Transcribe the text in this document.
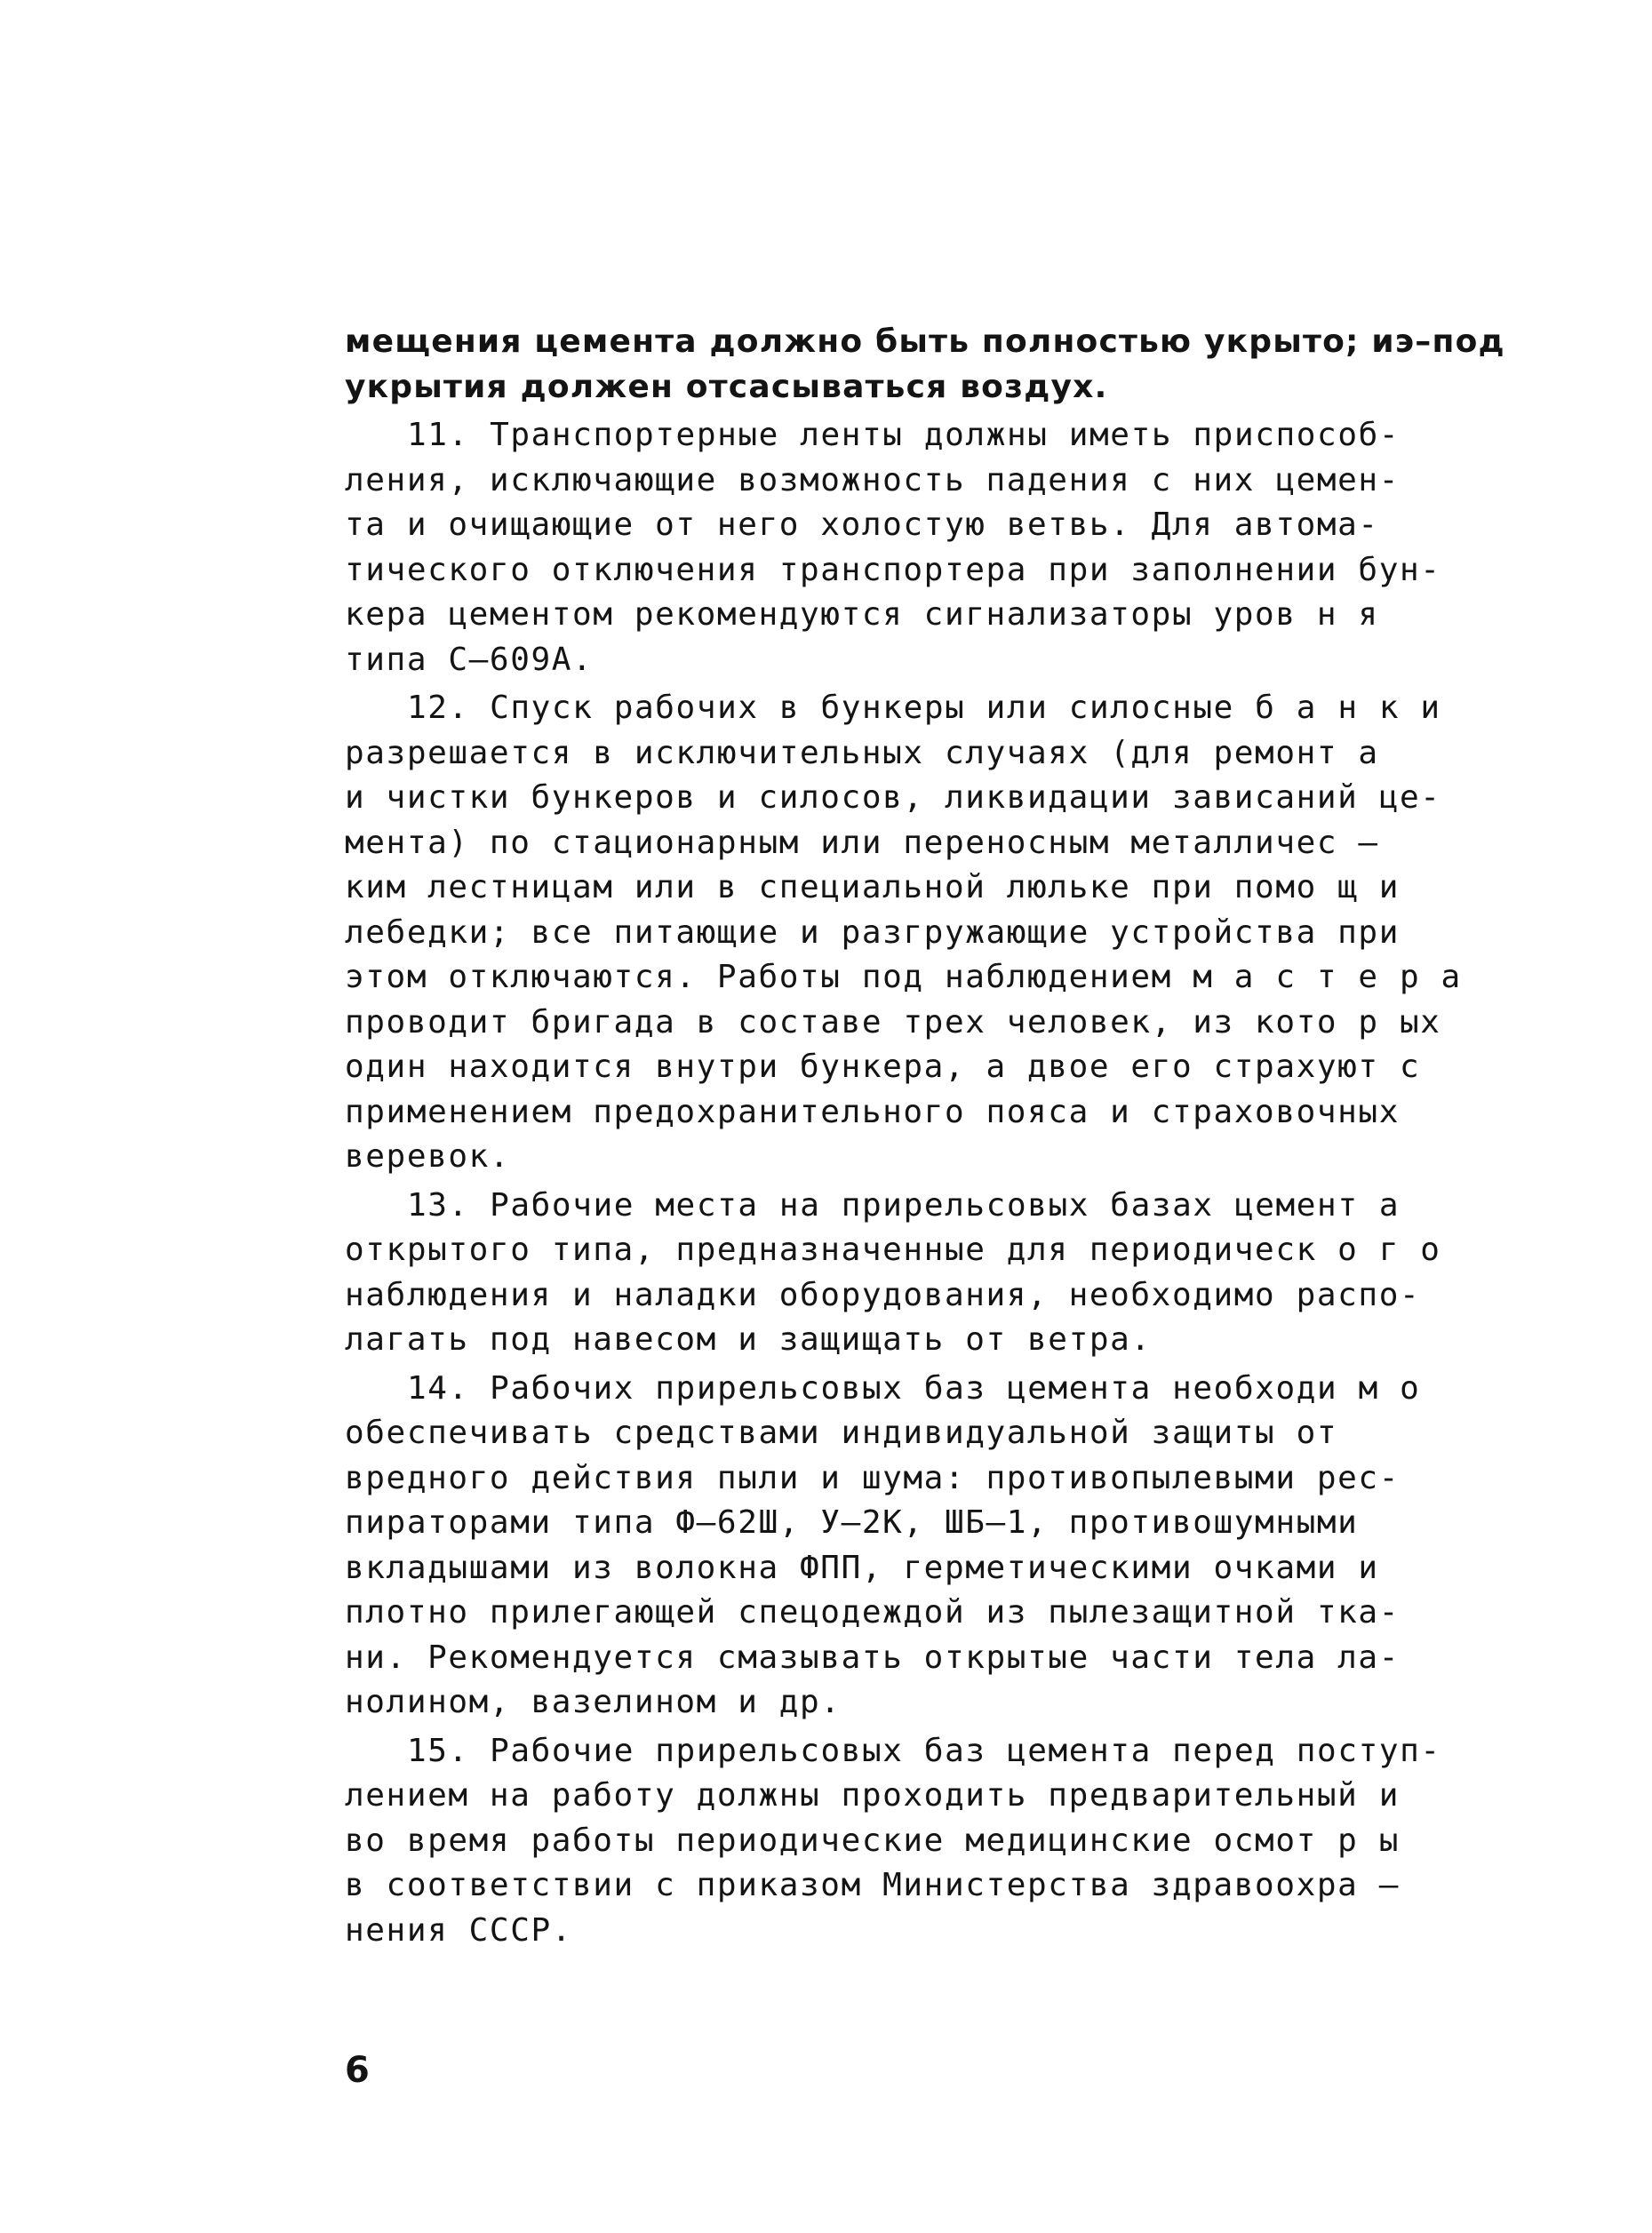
мещения цемента должно быть полностью укрыто; иэ–под
укрытия должен отсасываться воздух.
11. Транспортерные ленты должны иметь приспособ-
ления, исключающие возможность падения с них цемен-
та и очищающие от него холостую ветвь. Для автома-
тического отключения транспортера при заполнении бун-
кера цементом рекомендуются сигнализаторы уров н я
типа С–609А.
12. Спуск рабочих в бункеры или силосные б а н к и
разрешается в исключительных случаях (для ремонт а
и чистки бункеров и силосов, ликвидации зависаний це-
мента) по стационарным или переносным металличес –
ким лестницам или в специальной люльке при помо щ и
лебедки; все питающие и разгружающие устройства при
этом отключаются. Работы под наблюдением м а с т е р а
проводит бригада в составе трех человек, из кото р ых
один находится внутри бункера, а двое его страхуют с
применением предохранительного пояса и страховочных
веревок.
13. Рабочие места на прирельсовых базах цемент а
открытого типа, предназначенные для периодическ о г о
наблюдения и наладки оборудования, необходимо распо-
лагать под навесом и защищать от ветра.
14. Рабочих прирельсовых баз цемента необходи м о
обеспечивать средствами индивидуальной защиты от
вредного действия пыли и шума: противопылевыми рес-
пираторами типа Ф–62Ш, У–2К, ШБ–1, противошумными
вкладышами из волокна ФПП, герметическими очками и
плотно прилегающей спецодеждой из пылезащитной тка-
ни. Рекомендуется смазывать открытые части тела ла-
нолином, вазелином и др.
15. Рабочие прирельсовых баз цемента перед поступ-
лением на работу должны проходить предварительный и
во время работы периодические медицинские осмот р ы
в соответствии с приказом Министерства здравоохра –
нения СССР.
6
